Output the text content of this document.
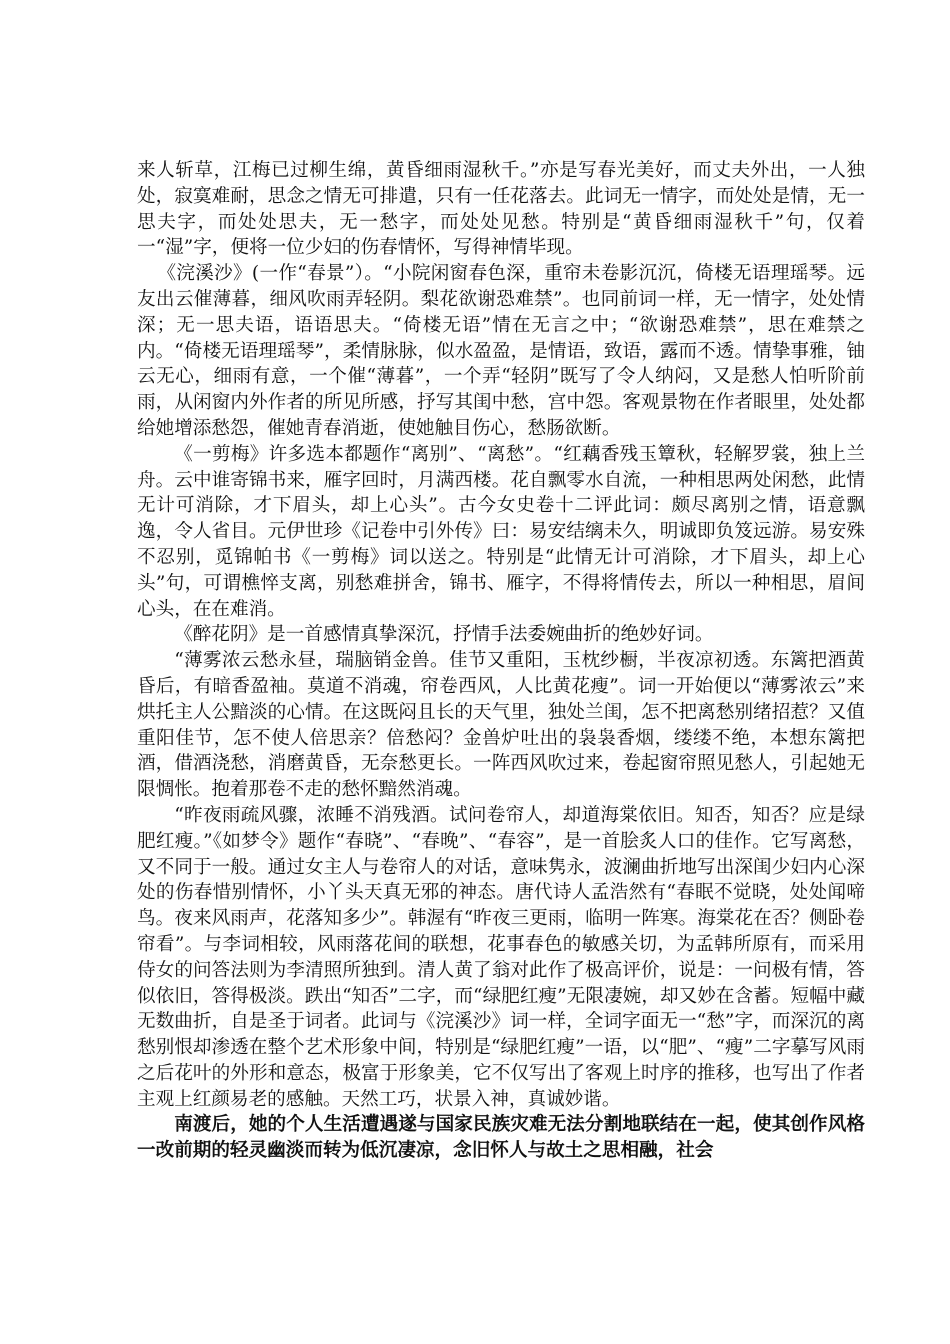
来人斩草，江梅已过柳生绵，黄昏细雨湿秋千。”亦是写春光美好，而丈夫外出，一人独处，寂寞难耐，思念之情无可排遣，只有一任花落去。此词无一情字，而处处是情，无一思夫字，而处处思夫，无一愁字，而处处见愁。特别是“黄昏细雨湿秋千”句，仅着一“湿”字，便将一位少妇的伤春情怀，写得神情毕现。

《浣溪沙》(一作“春景”）。“小院闲窗春色深，重帘未卷影沉沉，倚楼无语理瑶琴。远友出云催薄暮，细风吹雨弄轻阴。梨花欲谢恐难禁”。也同前词一样，无一情字，处处情深；无一思夫语，语语思夫。“倚楼无语”情在无言之中；“欲谢恐难禁”，思在难禁之内。“倚楼无语理瑶琴”，柔情脉脉，似水盈盈，是情语，致语，露而不透。情挚事雅，铀云无心，细雨有意，一个催“薄暮”，一个弄“轻阴”既写了令人纳闷，又是愁人怕听阶前雨，从闲窗内外作者的所见所感，抒写其闺中愁，宫中怨。客观景物在作者眼里，处处都给她增添愁怨，催她青春消逝，使她触目伤心，愁肠欲断。

《一剪梅》许多选本都题作“离别”、“离愁”。“红藕香残玉簟秋，轻解罗裳，独上兰舟。云中谁寄锦书来，雁字回时，月满西楼。花自飘零水自流，一种相思两处闲愁，此情无计可消除，才下眉头，却上心头”。古今女史卷十二评此词：颇尽离别之情，语意飘逸，令人省目。元伊世珍《记卷中引外传》曰：易安结缡未久，明诚即负笈远游。易安殊不忍别，觅锦帕书《一剪梅》词以送之。特别是“此情无计可消除，才下眉头，却上心头”句，可谓樵悴支离，别愁难拼舍，锦书、雁字，不得将情传去，所以一种相思，眉间心头，在在难消。

《醉花阴》是一首感情真挚深沉，抒情手法委婉曲折的绝妙好词。

“薄雾浓云愁永昼，瑞脑销金兽。佳节又重阳，玉枕纱橱，半夜凉初透。东篱把酒黄昏后，有暗香盈袖。莫道不消魂，帘卷西风，人比黄花瘦”。词一开始便以“薄雾浓云”来烘托主人公黯淡的心情。在这既闷且长的天气里，独处兰闺，怎不把离愁别绪招惹？又值重阳佳节，怎不使人倍思亲？倍愁闷？金兽炉吐出的袅袅香烟，缕缕不绝，本想东篱把酒，借酒浇愁，消磨黄昏，无奈愁更长。一阵西风吹过来，卷起窗帘照见愁人，引起她无限惆怅。抱着那卷不走的愁怀黯然消魂。

“昨夜雨疏风骤，浓睡不消残酒。试问卷帘人，却道海棠依旧。知否，知否？应是绿肥红瘦。”《如梦令》题作“春晓”、“春晚”、“春容”，是一首脍炙人口的佳作。它写离愁，又不同于一般。通过女主人与卷帘人的对话，意味隽永，波澜曲折地写出深闺少妇内心深处的伤春惜别情怀，小丫头天真无邪的神态。唐代诗人孟浩然有“春眠不觉晓，处处闻啼鸟。夜来风雨声，花落知多少”。韩渥有“昨夜三更雨，临明一阵寒。海棠花在否？侧卧卷帘看”。与李词相较，风雨落花间的联想，花事春色的敏感关切，为孟韩所原有，而采用侍女的问答法则为李清照所独到。清人黄了翁对此作了极高评价，说是：一问极有情，答似依旧，答得极淡。跌出“知否”二字，而“绿肥红瘦”无限凄婉，却又妙在含蓄。短幅中藏无数曲折，自是圣于词者。此词与《浣溪沙》词一样，全词字面无一“愁”字，而深沉的离愁别恨却渗透在整个艺术形象中间，特别是“绿肥红瘦”一语，以“肥”、“瘦”二字摹写风雨之后花叶的外形和意态，极富于形象美，它不仅写出了客观上时序的推移，也写出了作者主观上红颜易老的感触。天然工巧，状景入神，真诚妙谐。

南渡后，她的个人生活遭遇遂与国家民族灾难无法分割地联结在一起，使其创作风格一改前期的轻灵幽淡而转为低沉凄凉，念旧怀人与故土之思相融，社会
